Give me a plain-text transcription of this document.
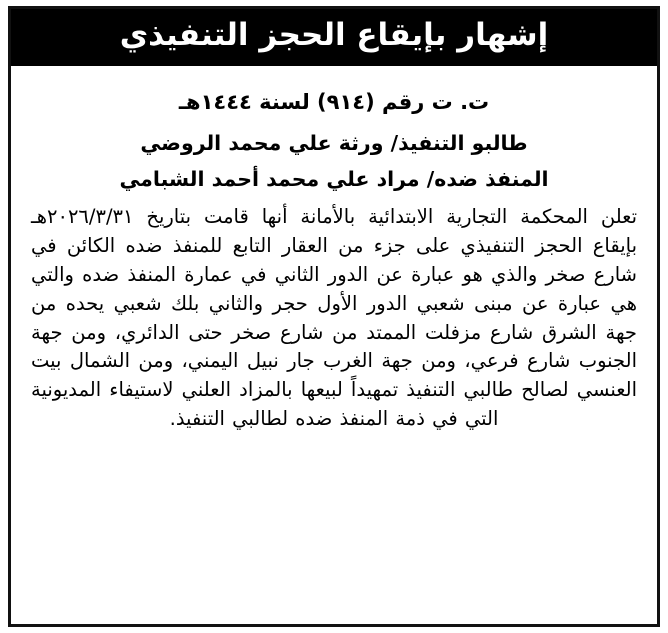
إشهار بإيقاع الحجز التنفيذي
ت. ت رقم (٩١٤) لسنة ١٤٤٤هـ
طالبو التنفيذ/ ورثة علي محمد الروضي
المنفذ ضده/ مراد علي محمد أحمد الشبامي

تعلن المحكمة التجارية الابتدائية بالأمانة أنها قامت بتاريخ ٢٠٢٦/٣/٣١هـ بإيقاع الحجز التنفيذي على جزء من العقار التابع للمنفذ ضده الكائن في شارع صخر والذي هو عبارة عن الدور الثاني في عمارة المنفذ ضده والتي هي عبارة عن مبنى شعبي الدور الأول حجر والثاني بلك شعبي يحده من جهة الشرق شارع مزفلت الممتد من شارع صخر حتى الدائري، ومن جهة الجنوب شارع فرعي، ومن جهة الغرب جار نبيل اليمني، ومن الشمال بيت العنسي لصالح طالبي التنفيذ تمهيداً لبيعها بالمزاد العلني لاستيفاء المديونية التي في ذمة المنفذ ضده لطالبي التنفيذ.
